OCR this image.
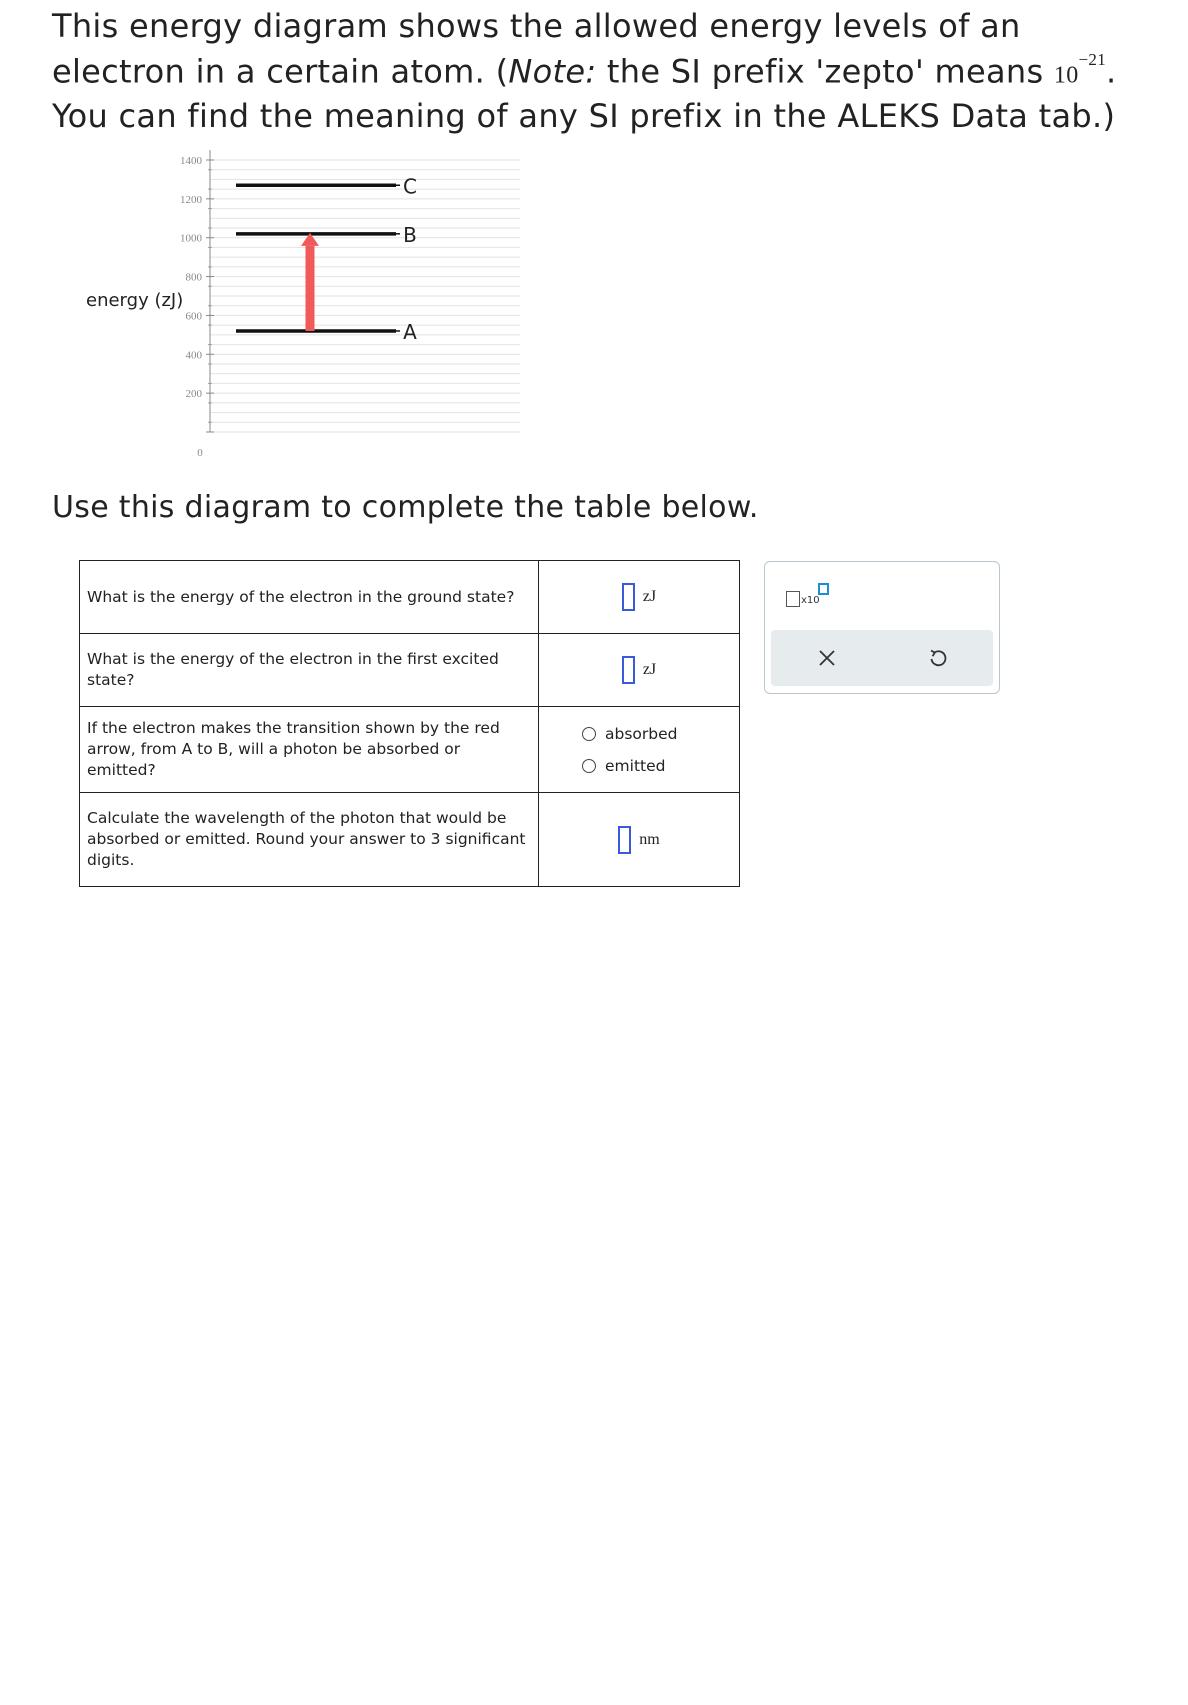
This energy diagram shows the allowed energy levels of an electron in a certain atom. (Note: the SI prefix 'zepto' means $10^{-21}$. You can find the meaning of any SI prefix in the ALEKS Data tab.)
energy (zJ)
0
200
400
600
800
1000
1200
1400
A
B
C
Use this diagram to complete the table below.
What is the energy of the electron in the ground state?	zJ
What is the energy of the electron in the first excited state?	zJ
If the electron makes the transition shown by the red arrow, from A to B, will a photon be absorbed or emitted?	absorbed
emitted

Calculate the wavelength of the photon that would be absorbed or emitted. Round your answer to 3 significant digits.	nm
x10
